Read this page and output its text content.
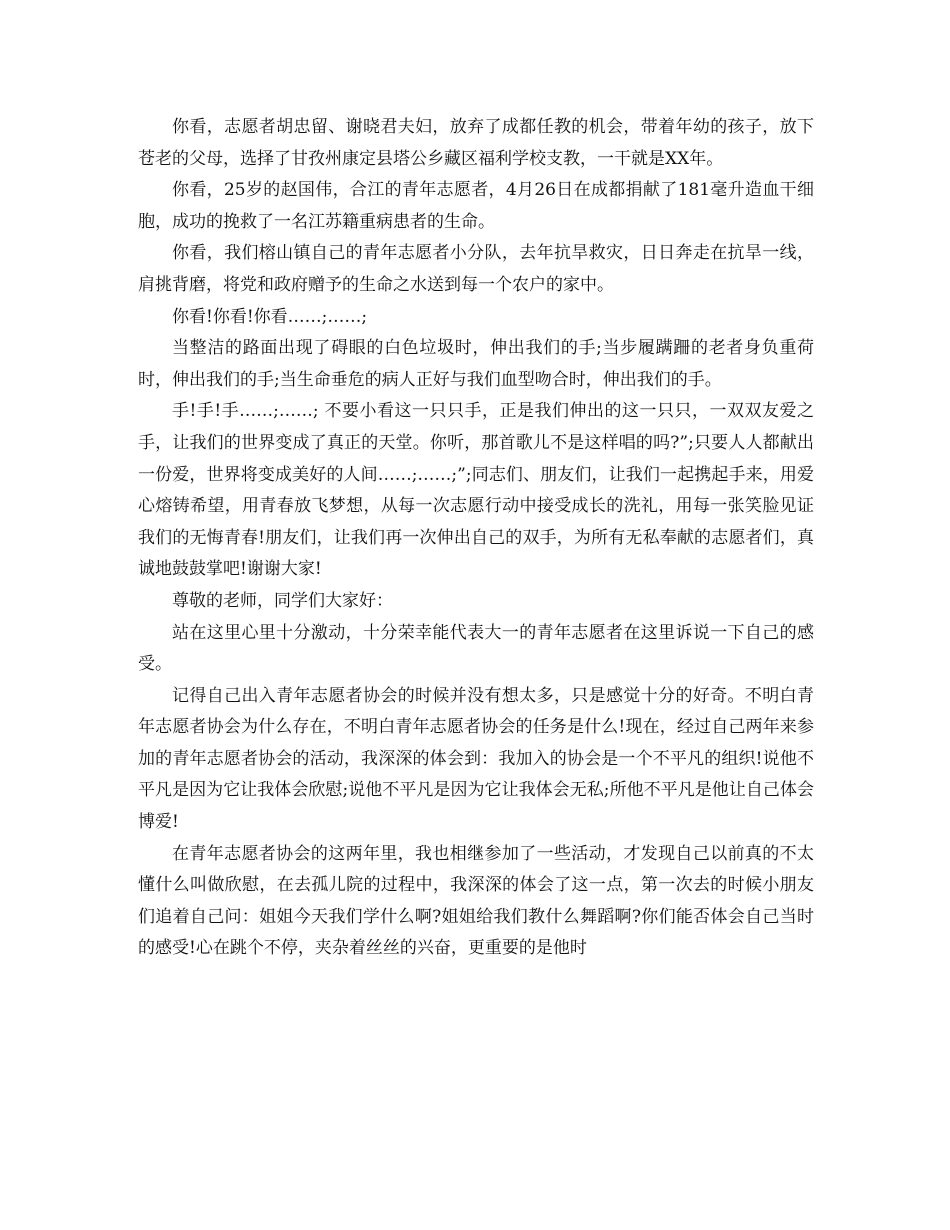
你看，志愿者胡忠留、谢晓君夫妇，放弃了成都任教的机会，带着年幼的孩子，放下苍老的父母，选择了甘孜州康定县塔公乡藏区福利学校支教，一干就是XX年。

你看，25岁的赵国伟，合江的青年志愿者，4月26日在成都捐献了181毫升造血干细胞，成功的挽救了一名江苏籍重病患者的生命。

你看，我们榕山镇自己的青年志愿者小分队，去年抗旱救灾，日日奔走在抗旱一线，肩挑背磨，将党和政府赠予的生命之水送到每一个农户的家中。

你看!你看!你看……;……;

当整洁的路面出现了碍眼的白色垃圾时，伸出我们的手;当步履蹒跚的老者身负重荷时，伸出我们的手;当生命垂危的病人正好与我们血型吻合时，伸出我们的手。

手!手!手……;……; 不要小看这一只只手，正是我们伸出的这一只只，一双双友爱之手，让我们的世界变成了真正的天堂。你听，那首歌儿不是这样唱的吗?”;只要人人都献出一份爱，世界将变成美好的人间……;……;”;同志们、朋友们，让我们一起携起手来，用爱心熔铸希望，用青春放飞梦想，从每一次志愿行动中接受成长的洗礼，用每一张笑脸见证我们的无悔青春!朋友们，让我们再一次伸出自己的双手，为所有无私奉献的志愿者们，真诚地鼓鼓掌吧!谢谢大家!

尊敬的老师，同学们大家好：

站在这里心里十分激动，十分荣幸能代表大一的青年志愿者在这里诉说一下自己的感受。

记得自己出入青年志愿者协会的时候并没有想太多，只是感觉十分的好奇。不明白青年志愿者协会为什么存在，不明白青年志愿者协会的任务是什么!现在，经过自己两年来参加的青年志愿者协会的活动，我深深的体会到：我加入的协会是一个不平凡的组织!说他不平凡是因为它让我体会欣慰;说他不平凡是因为它让我体会无私;所他不平凡是他让自己体会博爱!

在青年志愿者协会的这两年里，我也相继参加了一些活动，才发现自己以前真的不太懂什么叫做欣慰，在去孤儿院的过程中，我深深的体会了这一点，第一次去的时候小朋友们追着自己问：姐姐今天我们学什么啊?姐姐给我们教什么舞蹈啊?你们能否体会自己当时的感受!心在跳个不停，夹杂着丝丝的兴奋，更重要的是他时
